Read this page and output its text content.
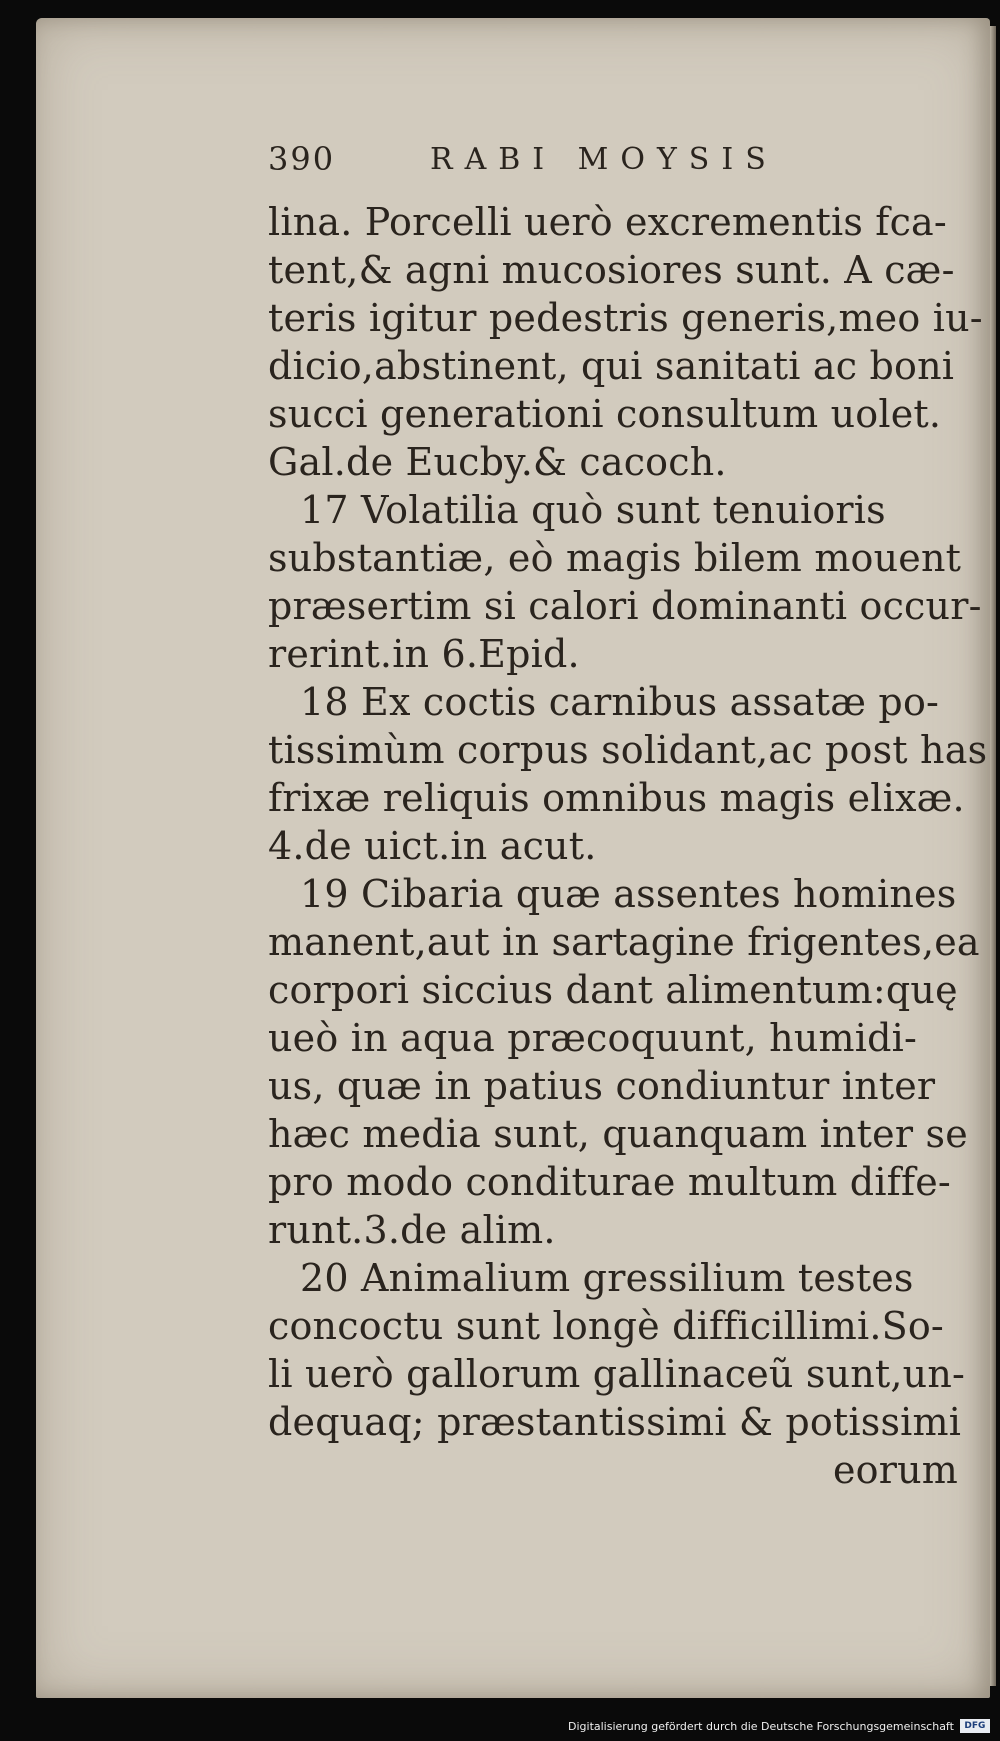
390	RABI MOYSIS
lina. Porcelli uerò excrementis fca-
tent,& agni mucosiores sunt. A cæ-
teris igitur pedestris generis,meo iu-
dicio,abstinent, qui sanitati ac boni
succi generationi consultum uolet.
Gal.de Eucby.& cacoch.
17 Volatilia quò sunt tenuioris
substantiæ, eò magis bilem mouent
præsertim si calori dominanti occur-
rerint.in 6.Epid.
18 Ex coctis carnibus assatæ po-
tissimùm corpus solidant,ac post has
frixæ reliquis omnibus magis elixæ.
4.de uict.in acut.
19 Cibaria quæ assentes homines
manent,aut in sartagine frigentes,ea
corpori siccius dant alimentum:quę
ueò in aqua præcoquunt, humidi-
us, quæ in patius condiuntur inter
hæc media sunt, quanquam inter se
pro modo conditurae multum diffe-
runt.3.de alim.
20 Animalium gressilium testes
concoctu sunt longè difficillimi.So-
li uerò gallorum gallinaceũ sunt,un-
dequaq; præstantissimi & potissimi
eorum
Digitalisierung gefördert durch die Deutsche Forschungsgemeinschaft	DFG
